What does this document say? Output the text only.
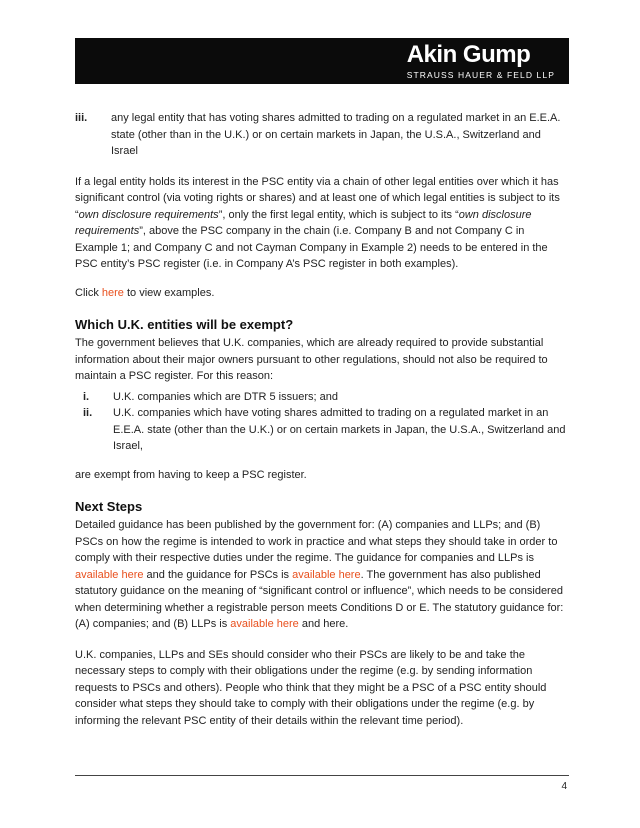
Akin Gump
STRAUSS HAUER & FELD LLP
iii.	any legal entity that has voting shares admitted to trading on a regulated market in an E.E.A. state (other than in the U.K.) or on certain markets in Japan, the U.S.A., Switzerland and Israel

If a legal entity holds its interest in the PSC entity via a chain of other legal entities over which it has significant control (via voting rights or shares) and at least one of which legal entities is subject to its “own disclosure requirements”, only the first legal entity, which is subject to its “own disclosure requirements”, above the PSC company in the chain (i.e. Company B and not Company C in Example 1; and Company C and not Cayman Company in Example 2) needs to be entered in the PSC entity’s PSC register (i.e. in Company A’s PSC register in both examples).

Click here to view examples.

Which U.K. entities will be exempt?

The government believes that U.K. companies, which are already required to provide substantial information about their major owners pursuant to other regulations, should not also be required to maintain a PSC register. For this reason:

i.	U.K. companies which are DTR 5 issuers; and
ii.	U.K. companies which have voting shares admitted to trading on a regulated market in an E.E.A. state (other than the U.K.) or on certain markets in Japan, the U.S.A., Switzerland and Israel,

are exempt from having to keep a PSC register.

Next Steps

Detailed guidance has been published by the government for: (A) companies and LLPs; and (B) PSCs on how the regime is intended to work in practice and what steps they should take in order to comply with their respective duties under the regime. The guidance for companies and LLPs is available here and the guidance for PSCs is available here. The government has also published statutory guidance on the meaning of “significant control or influence”, which needs to be considered when determining whether a registrable person meets Conditions D or E. The statutory guidance for: (A) companies; and (B) LLPs is available here and here.

U.K. companies, LLPs and SEs should consider who their PSCs are likely to be and take the necessary steps to comply with their obligations under the regime (e.g. by sending information requests to PSCs and others). People who think that they might be a PSC of a PSC entity should consider what steps they should take to comply with their obligations under the regime (e.g. by informing the relevant PSC entity of their details within the relevant time period).

4
